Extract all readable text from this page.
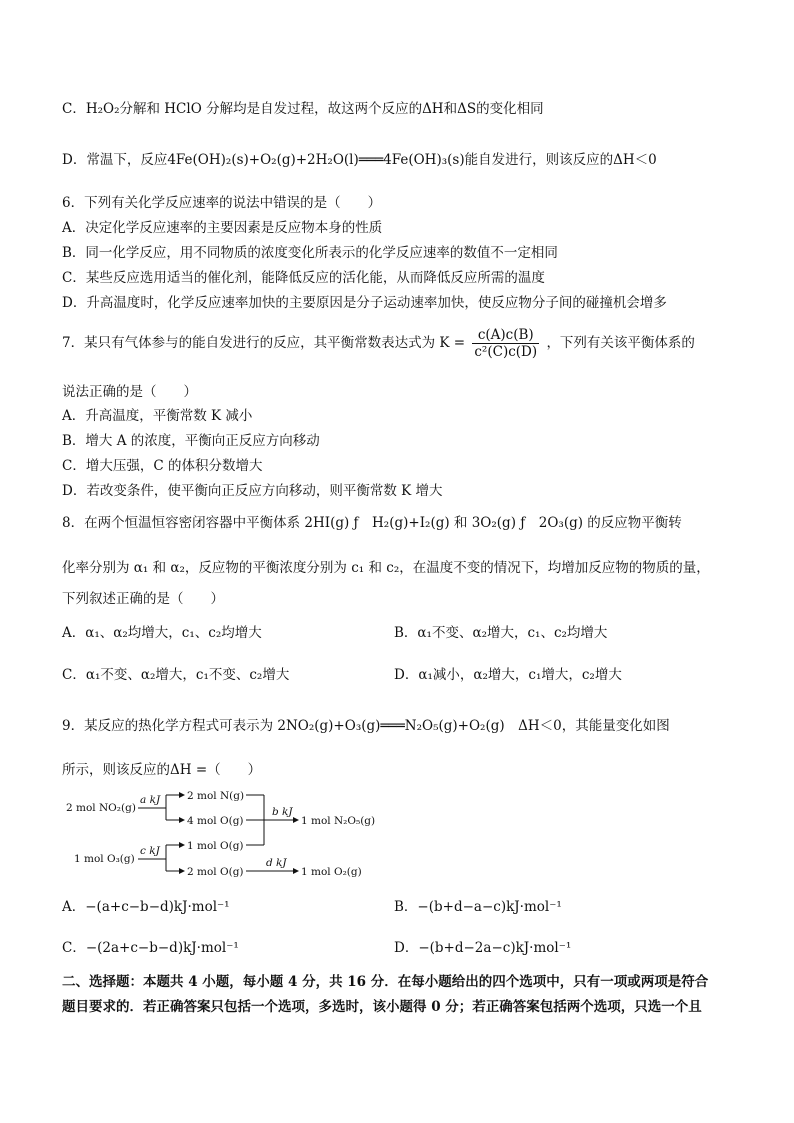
C．H₂O₂分解和 HClO 分解均是自发过程，故这两个反应的ΔH和ΔS的变化相同
D．常温下，反应4Fe(OH)₂(s)+O₂(g)+2H₂O(l)═══4Fe(OH)₃(s)能自发进行，则该反应的ΔH＜0
6．下列有关化学反应速率的说法中错误的是（　　）
A．决定化学反应速率的主要因素是反应物本身的性质
B．同一化学反应，用不同物质的浓度变化所表示的化学反应速率的数值不一定相同
C．某些反应选用适当的催化剂，能降低反应的活化能，从而降低反应所需的温度
D．升高温度时，化学反应速率加快的主要原因是分子运动速率加快，使反应物分子间的碰撞机会增多
7．某只有气体参与的能自发进行的反应，其平衡常数表达式为 $K = \frac{c(A)c(B)}{\text{c²(C)c(D)}}$ ，下列有关该平衡体系的
说法正确的是（　　）
A．升高温度，平衡常数 K 减小
B．增大 A 的浓度，平衡向正反应方向移动
C．增大压强，C 的体积分数增大
D．若改变条件，使平衡向正反应方向移动，则平衡常数 K 增大
8．在两个恒温恒容密闭容器中平衡体系 2HI(g) ƒ　H₂(g)+I₂(g) 和 3O₂(g) ƒ　2O₃(g) 的反应物平衡转
化率分别为 α₁ 和 α₂，反应物的平衡浓度分别为 c₁ 和 c₂，在温度不变的情况下，均增加反应物的物质的量，
下列叙述正确的是（　　）
A．α₁、α₂均增大，c₁、c₂均增大	B．α₁不变、α₂增大，c₁、c₂均增大
C．α₁不变、α₂增大，c₁不变、c₂增大	D．α₁减小，α₂增大，c₁增大，c₂增大
9．某反应的热化学方程式可表示为 2NO₂(g)+O₃(g)═══N₂O₅(g)+O₂(g)　ΔH＜0，其能量变化如图
所示，则该反应的ΔH =（　　）
2 mol NO₂(g)
a kJ	2 mol N(g)
4 mol O(g)
b kJ
1 mol N₂O₅(g)
1 mol O₃(g)
c kJ	1 mol O(g)
2 mol O(g)
d kJ
1 mol O₂(g)
A．−(a+c−b−d)kJ·mol⁻¹	B．−(b+d−a−c)kJ·mol⁻¹
C．−(2a+c−b−d)kJ·mol⁻¹	D．−(b+d−2a−c)kJ·mol⁻¹
二、选择题：本题共 4 小题，每小题 4 分，共 16 分．在每小题给出的四个选项中，只有一项或两项是符合
题目要求的．若正确答案只包括一个选项，多选时，该小题得 0 分；若正确答案包括两个选项，只选一个且
